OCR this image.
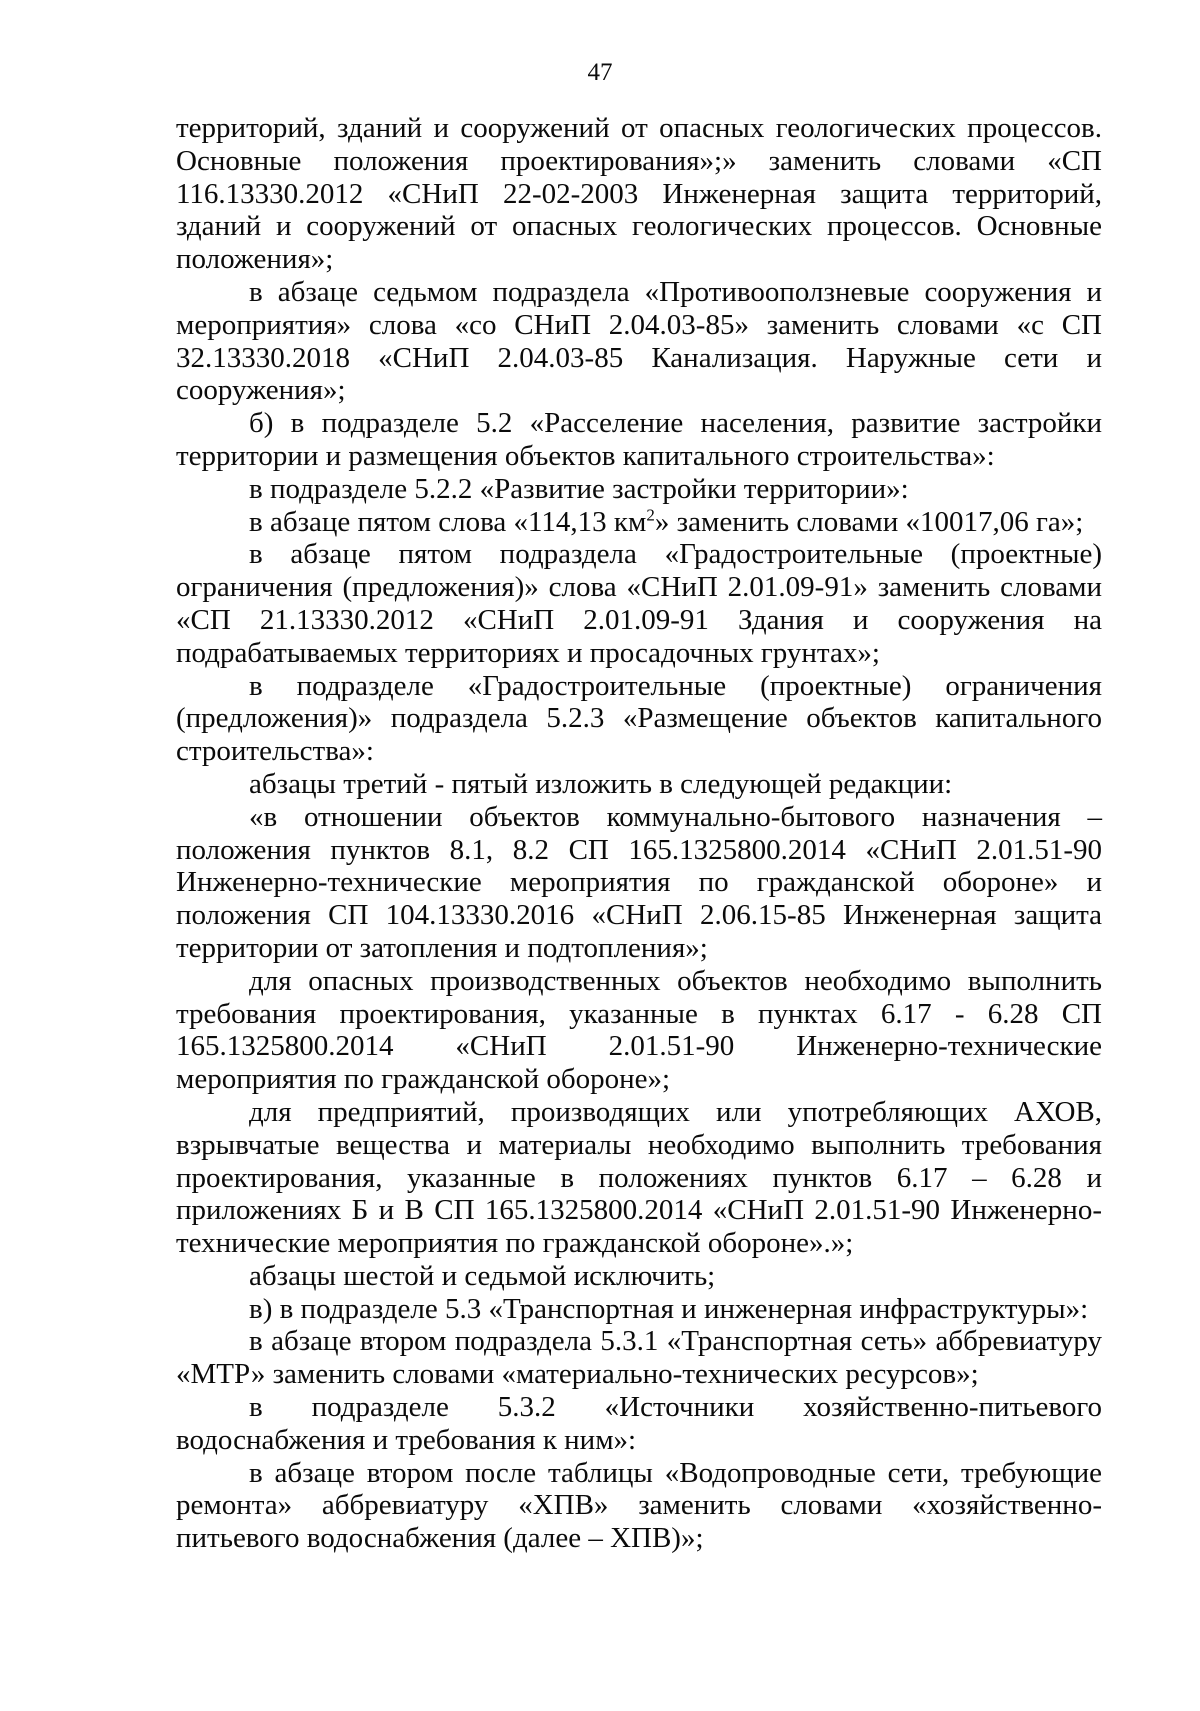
47

территорий, зданий и сооружений от опасных геологических процессов. Основные положения проектирования»;» заменить словами «СП 116.13330.2012 «СНиП 22-02-2003 Инженерная защита территорий, зданий и сооружений от опасных геологических процессов. Основные положения»;

в абзаце седьмом подраздела «Противооползневые сооружения и мероприятия» слова «со СНиП 2.04.03-85» заменить словами «с СП 32.13330.2018 «СНиП 2.04.03-85 Канализация. Наружные сети и сооружения»;

б) в подразделе 5.2 «Расселение населения, развитие застройки территории и размещения объектов капитального строительства»:

в подразделе 5.2.2 «Развитие застройки территории»:

в абзаце пятом слова «114,13 $км^2$» заменить словами «10017,06 га»;

в абзаце пятом подраздела «Градостроительные (проектные) ограничения (предложения)» слова «СНиП 2.01.09-91» заменить словами «СП 21.13330.2012 «СНиП 2.01.09-91 Здания и сооружения на подрабатываемых территориях и просадочных грунтах»;

в подразделе «Градостроительные (проектные) ограничения (предложения)» подраздела 5.2.3 «Размещение объектов капитального строительства»:

абзацы третий - пятый изложить в следующей редакции:

«в отношении объектов коммунально-бытового назначения – положения пунктов 8.1, 8.2 СП 165.1325800.2014 «СНиП 2.01.51-90 Инженерно-технические мероприятия по гражданской обороне» и положения СП 104.13330.2016 «СНиП 2.06.15-85 Инженерная защита территории от затопления и подтопления»;

для опасных производственных объектов необходимо выполнить требования проектирования, указанные в пунктах 6.17 - 6.28 СП 165.1325800.2014 «СНиП 2.01.51-90 Инженерно-технические мероприятия по гражданской обороне»;

для предприятий, производящих или употребляющих АХОВ, взрывчатые вещества и материалы необходимо выполнить требования проектирования, указанные в положениях пунктов 6.17 – 6.28 и приложениях Б и В СП 165.1325800.2014 «СНиП 2.01.51-90 Инженерно-технические мероприятия по гражданской обороне».»;

абзацы шестой и седьмой исключить;

в) в подразделе 5.3 «Транспортная и инженерная инфраструктуры»:

в абзаце втором подраздела 5.3.1 «Транспортная сеть» аббревиатуру «МТР» заменить словами «материально-технических ресурсов»;

в подразделе 5.3.2 «Источники хозяйственно-питьевого водоснабжения и требования к ним»:

в абзаце втором после таблицы «Водопроводные сети, требующие ремонта» аббревиатуру «ХПВ» заменить словами «хозяйственно-питьевого водоснабжения (далее – ХПВ)»;
